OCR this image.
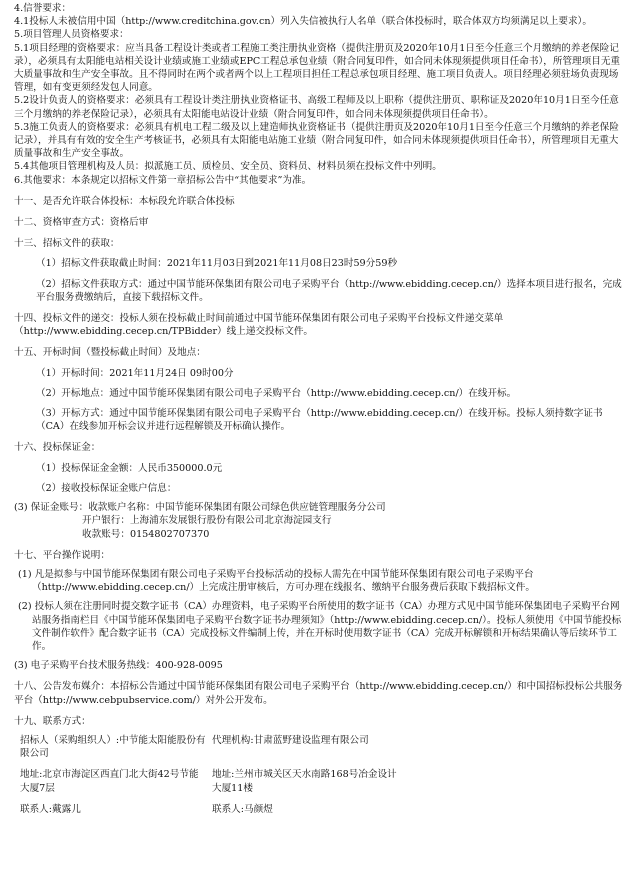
4.信誉要求：

4.1投标人未被信用中国（http://www.creditchina.gov.cn）列入失信被执行人名单（联合体投标时，联合体双方均须满足以上要求）。

5.项目管理人员资格要求：

5.1项目经理的资格要求：应当具备工程设计类或者工程施工类注册执业资格（提供注册页及2020年10月1日至今任意三个月缴纳的养老保险记录），必须具有太阳能电站相关设计业绩或施工业绩或EPC工程总承包业绩（附合同复印件，如合同未体现须提供项目任命书），所管理项目无重大质量事故和生产安全事故。且不得同时在两个或者两个以上工程项目担任工程总承包项目经理、施工项目负责人。项目经理必须驻场负责现场管理，如有变更须经发包人同意。

5.2设计负责人的资格要求：必须具有工程设计类注册执业资格证书、高级工程师及以上职称（提供注册页、职称证及2020年10月1日至今任意三个月缴纳的养老保险记录），必须具有太阳能电站设计业绩（附合同复印件，如合同未体现须提供项目任命书）。

5.3施工负责人的资格要求：必须具有机电工程二级及以上建造师执业资格证书（提供注册页及2020年10月1日至今任意三个月缴纳的养老保险记录），并具有有效的安全生产考核证书，必须具有太阳能电站施工业绩（附合同复印件，如合同未体现须提供项目任命书），所管理项目无重大质量事故和生产安全事故。

5.4其他项目管理机构及人员：拟派施工员、质检员、安全员、资料员、材料员须在投标文件中列明。

6.其他要求：本条规定以招标文件第一章招标公告中“其他要求”为准。

十一、是否允许联合体投标：本标段允许联合体投标

十二、资格审查方式：资格后审

十三、招标文件的获取：

（1）招标文件获取截止时间：2021年11月03日到2021年11月08日23时59分59秒

（2）招标文件获取方式：通过中国节能环保集团有限公司电子采购平台（http://www.ebidding.cecep.cn/）选择本项目进行报名，完成平台服务费缴纳后，直接下载招标文件。

十四、投标文件的递交：投标人须在投标截止时间前通过中国节能环保集团有限公司电子采购平台投标文件递交菜单（http://www.ebidding.cecep.cn/TPBidder）线上递交投标文件。

十五、开标时间（暨投标截止时间）及地点：

（1）开标时间：2021年11月24日 09时00分

（2）开标地点：通过中国节能环保集团有限公司电子采购平台（http://www.ebidding.cecep.cn/）在线开标。

（3）开标方式：通过中国节能环保集团有限公司电子采购平台（http://www.ebidding.cecep.cn/）在线开标。投标人须持数字证书（CA）在线参加开标会议并进行远程解锁及开标确认操作。

十六、投标保证金：

（1）投标保证金金额：人民币350000.0元

（2）接收投标保证金账户信息：

(3) 保证金账号：收款账户名称：中国节能环保集团有限公司绿色供应链管理服务分公司

开户银行：上海浦东发展银行股份有限公司北京海淀园支行

收款账号：0154802707370

十七、平台操作说明：

(1) 凡是拟参与中国节能环保集团有限公司电子采购平台投标活动的投标人需先在中国节能环保集团有限公司电子采购平台（http://www.ebidding.cecep.cn/）上完成注册审核后，方可办理在线报名、缴纳平台服务费后获取下载招标文件。

(2) 投标人须在注册同时提交数字证书（CA）办理资料，电子采购平台所使用的数字证书（CA）办理方式见中国节能环保集团电子采购平台网站服务指南栏目《中国节能环保集团电子采购平台数字证书办理须知》（http://www.ebidding.cecep.cn/）。投标人须使用《中国节能投标文件制作软件》配合数字证书（CA）完成投标文件编制上传，并在开标时使用数字证书（CA）完成开标解锁和开标结果确认等后续环节工作。

(3) 电子采购平台技术服务热线：400-928-0095

十八、公告发布媒介：本招标公告通过中国节能环保集团有限公司电子采购平台（http://www.ebidding.cecep.cn/）和中国招标投标公共服务平台（http://www.cebpubservice.com/）对外公开发布。

十九、联系方式：

招标人（采购组织人）:中节能太阳能股份有限公司	代理机构:甘肃蓝野建设监理有限公司
地址:北京市海淀区西直门北大街42号节能大厦7层	地址:兰州市城关区天水南路168号冶金设计大厦11楼
联系人:戴露儿	联系人:马颜煜
